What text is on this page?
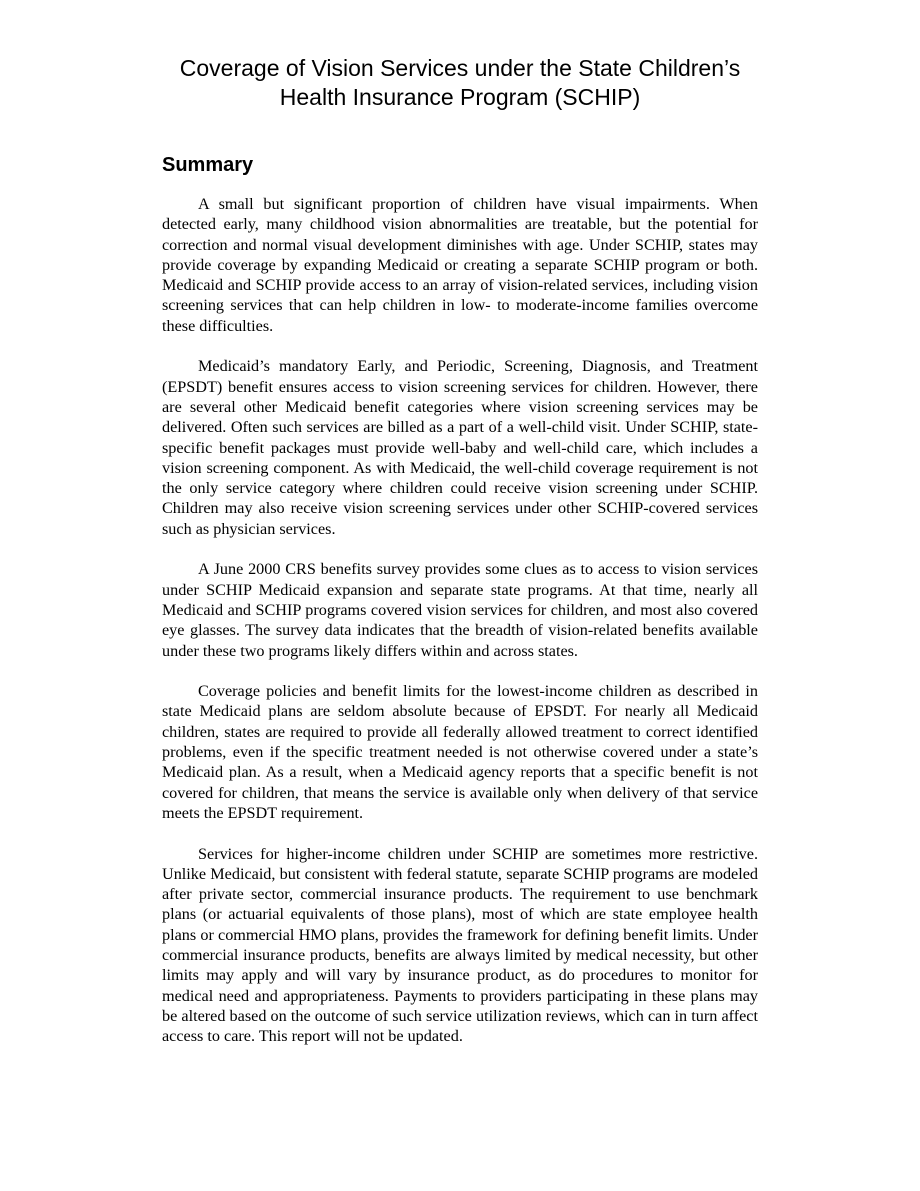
Coverage of Vision Services under the State Children’s
Health Insurance Program (SCHIP)
Summary

A small but significant proportion of children have visual impairments. When detected early, many childhood vision abnormalities are treatable, but the potential for correction and normal visual development diminishes with age. Under SCHIP, states may provide coverage by expanding Medicaid or creating a separate SCHIP program or both. Medicaid and SCHIP provide access to an array of vision-related services, including vision screening services that can help children in low- to moderate-income families overcome these difficulties.

Medicaid’s mandatory Early, and Periodic, Screening, Diagnosis, and Treatment (EPSDT) benefit ensures access to vision screening services for children. However, there are several other Medicaid benefit categories where vision screening services may be delivered. Often such services are billed as a part of a well-child visit. Under SCHIP, state-specific benefit packages must provide well-baby and well-child care, which includes a vision screening component. As with Medicaid, the well-child coverage requirement is not the only service category where children could receive vision screening under SCHIP. Children may also receive vision screening services under other SCHIP-covered services such as physician services.

A June 2000 CRS benefits survey provides some clues as to access to vision services under SCHIP Medicaid expansion and separate state programs. At that time, nearly all Medicaid and SCHIP programs covered vision services for children, and most also covered eye glasses. The survey data indicates that the breadth of vision-related benefits available under these two programs likely differs within and across states.

Coverage policies and benefit limits for the lowest-income children as described in state Medicaid plans are seldom absolute because of EPSDT. For nearly all Medicaid children, states are required to provide all federally allowed treatment to correct identified problems, even if the specific treatment needed is not otherwise covered under a state’s Medicaid plan. As a result, when a Medicaid agency reports that a specific benefit is not covered for children, that means the service is available only when delivery of that service meets the EPSDT requirement.

Services for higher-income children under SCHIP are sometimes more restrictive. Unlike Medicaid, but consistent with federal statute, separate SCHIP programs are modeled after private sector, commercial insurance products. The requirement to use benchmark plans (or actuarial equivalents of those plans), most of which are state employee health plans or commercial HMO plans, provides the framework for defining benefit limits. Under commercial insurance products, benefits are always limited by medical necessity, but other limits may apply and will vary by insurance product, as do procedures to monitor for medical need and appropriateness. Payments to providers participating in these plans may be altered based on the outcome of such service utilization reviews, which can in turn affect access to care. This report will not be updated.
